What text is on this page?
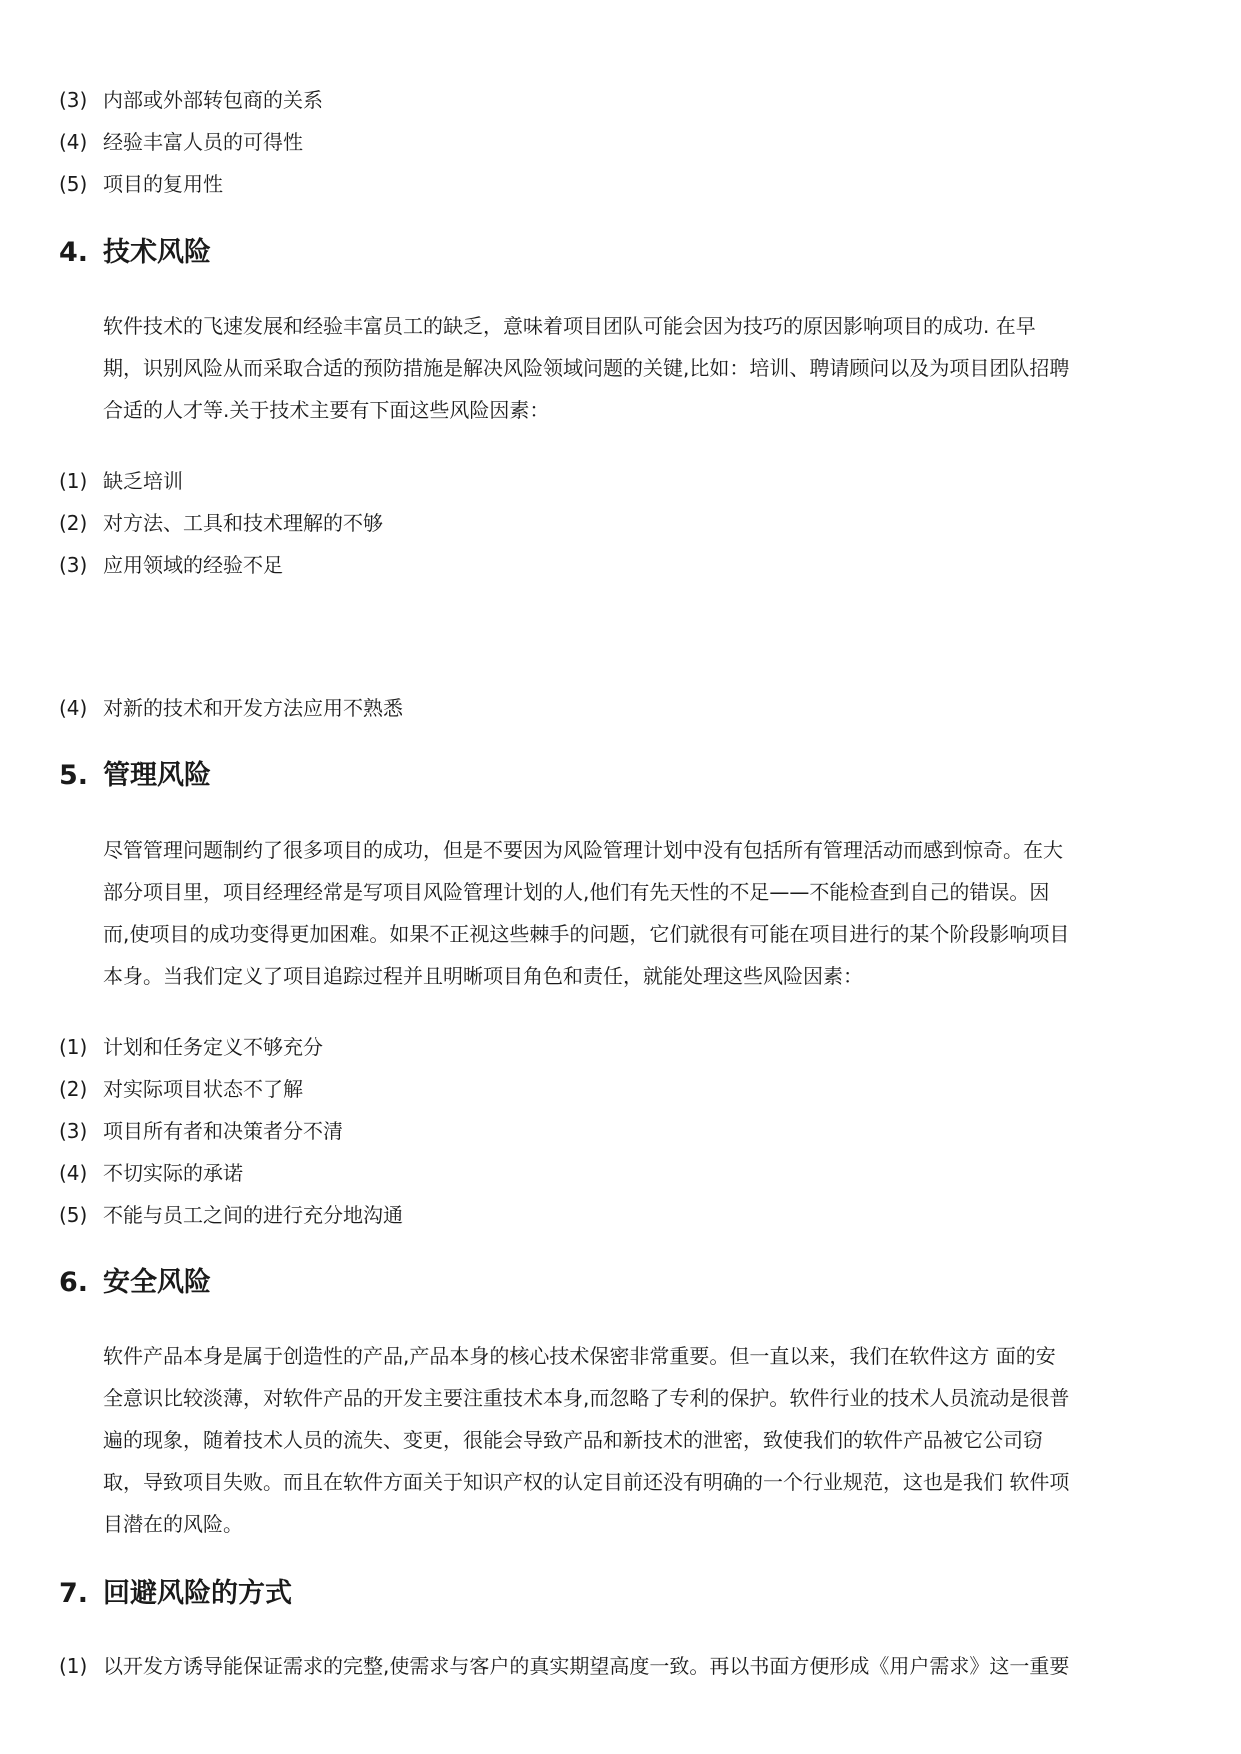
(3) 内部或外部转包商的关系
(4) 经验丰富人员的可得性
(5) 项目的复用性
4. 技术风险
软件技术的飞速发展和经验丰富员工的缺乏，意味着项目团队可能会因为技巧的原因影响项目的成功. 在早
期，识别风险从而采取合适的预防措施是解决风险领域问题的关键,比如：培训、聘请顾问以及为项目团队招聘
合适的人才等.关于技术主要有下面这些风险因素：
(1) 缺乏培训
(2) 对方法、工具和技术理解的不够
(3) 应用领域的经验不足
(4) 对新的技术和开发方法应用不熟悉
5. 管理风险
尽管管理问题制约了很多项目的成功，但是不要因为风险管理计划中没有包括所有管理活动而感到惊奇。在大
部分项目里，项目经理经常是写项目风险管理计划的人,他们有先天性的不足——不能检查到自己的错误。因
而,使项目的成功变得更加困难。如果不正视这些棘手的问题，它们就很有可能在项目进行的某个阶段影响项目
本身。当我们定义了项目追踪过程并且明晰项目角色和责任，就能处理这些风险因素：
(1) 计划和任务定义不够充分
(2) 对实际项目状态不了解
(3) 项目所有者和决策者分不清
(4) 不切实际的承诺
(5) 不能与员工之间的进行充分地沟通
6. 安全风险
软件产品本身是属于创造性的产品,产品本身的核心技术保密非常重要。但一直以来，我们在软件这方 面的安
全意识比较淡薄，对软件产品的开发主要注重技术本身,而忽略了专利的保护。软件行业的技术人员流动是很普
遍的现象，随着技术人员的流失、变更，很能会导致产品和新技术的泄密，致使我们的软件产品被它公司窃
取，导致项目失败。而且在软件方面关于知识产权的认定目前还没有明确的一个行业规范，这也是我们 软件项
目潜在的风险。
7. 回避风险的方式
(1) 以开发方诱导能保证需求的完整,使需求与客户的真实期望高度一致。再以书面方便形成《用户需求》这一重要
